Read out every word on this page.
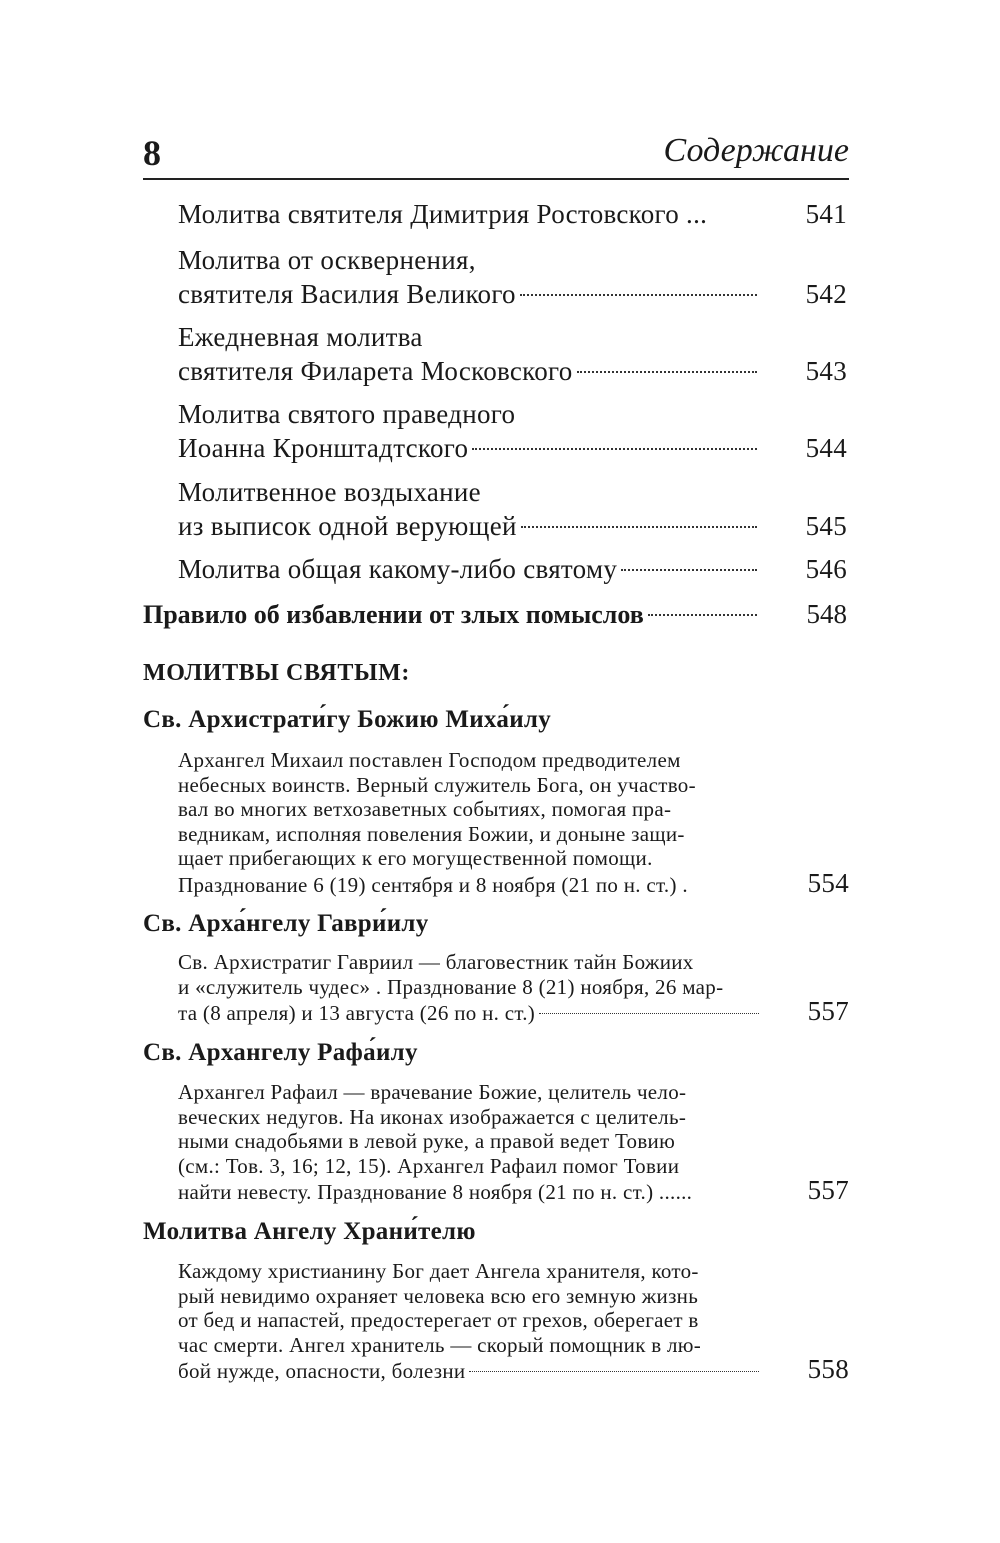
8	Содержание
Молитва святителя Димитрия Ростовского ...	541
Молитва от осквернения,
святителя Василия Великого	542
Ежедневная молитва
святителя Филарета Московского	543
Молитва святого праведного
Иоанна Кронштадтского	544
Молитвенное воздыхание
из выписок одной верующей	545
Молитва общая какому-либо святому	546
Правило об избавлении от злых помыслов	548
МОЛИТВЫ СВЯТЫМ:
Св. Архистрати́гу Божию Миха́илу
Архангел Михаил поставлен Господом предводителем
небесных воинств. Верный служитель Бога, он участво-
вал во многих ветхозаветных событиях, помогая пра-
ведникам, исполняя повеления Божии, и доныне защи-
щает прибегающих к его могущественной помощи.
Празднование 6 (19) сентября и 8 ноября (21 по н. ст.) .	554
Св. Арха́нгелу Гаври́илу
Св. Архистратиг Гавриил — благовестник тайн Божиих
и «служитель чудес» . Празднование 8 (21) ноября, 26 мар-
та (8 апреля) и 13 августа (26 по н. ст.)	557
Св. Архангелу Рафа́илу
Архангел Рафаил — врачевание Божие, целитель чело-
веческих недугов. На иконах изображается с целитель-
ными снадобьями в левой руке, а правой ведет Товию
(см.: Тов. 3, 16; 12, 15). Архангел Рафаил помог Товии
найти невесту. Празднование 8 ноября (21 по н. ст.) ......	557
Молитва Ангелу Храни́телю
Каждому христианину Бог дает Ангела хранителя, кото-
рый невидимо охраняет человека всю его земную жизнь
от бед и напастей, предостерегает от грехов, оберегает в
час смерти. Ангел хранитель — скорый помощник в лю-
бой нужде, опасности, болезни	558
